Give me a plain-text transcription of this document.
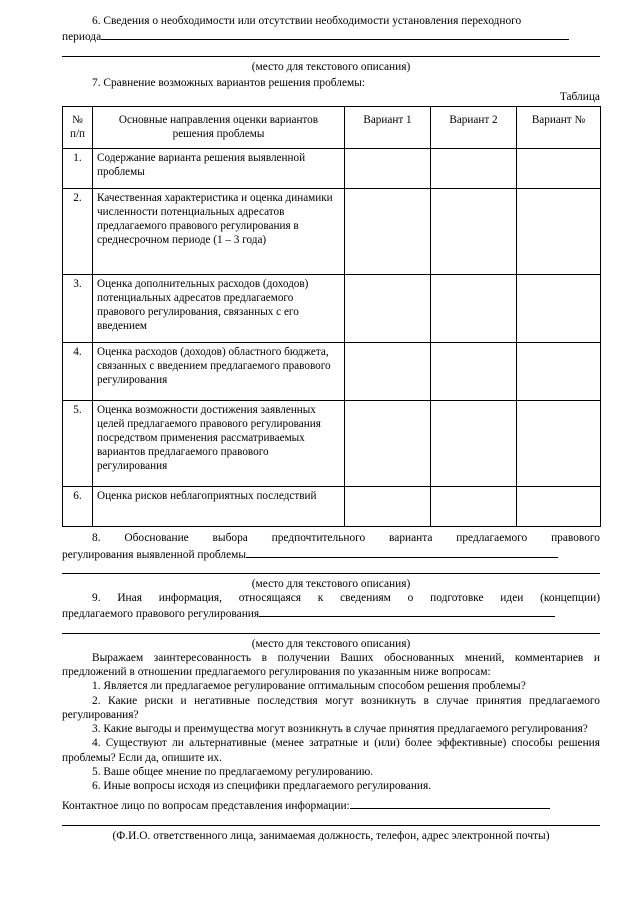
6. Сведения о необходимости или отсутствии необходимости установления переходного

периода

(место для текстового описания)

7. Сравнение возможных вариантов решения проблемы:

Таблица

№ п/п	Основные направления оценки вариантов решения проблемы	Вариант 1	Вариант 2	Вариант №
1.	Содержание варианта решения выявленной проблемы			
2.	Качественная характеристика и оценка динамики численности потенциальных адресатов предлагаемого правового регулирования в среднесрочном периоде (1 – 3 года)			
3.	Оценка дополнительных расходов (доходов) потенциальных адресатов предлагаемого правового регулирования, связанных с его введением			
4.	Оценка расходов (доходов) областного бюджета, связанных с введением предлагаемого правового регулирования			
5.	Оценка возможности достижения заявленных целей предлагаемого правового регулирования посредством применения рассматриваемых вариантов предлагаемого правового регулирования			
6.	Оценка рисков неблагоприятных последствий			

8. Обоснование выбора предпочтительного варианта предлагаемого правового

регулирования выявленной проблемы

(место для текстового описания)

9. Иная информация, относящаяся к сведениям о подготовке идеи (концепции)

предлагаемого правового регулирования

(место для текстового описания)

Выражаем заинтересованность в получении Ваших обоснованных мнений, комментариев и предложений в отношении предлагаемого регулирования по указанным ниже вопросам:

1. Является ли предлагаемое регулирование оптимальным способом решения проблемы?

2. Какие риски и негативные последствия могут возникнуть в случае принятия предлагаемого регулирования?

3. Какие выгоды и преимущества могут возникнуть в случае принятия предлагаемого регулирования?

4. Существуют ли альтернативные (менее затратные и (или) более эффективные) способы решения проблемы? Если да, опишите их.

5. Ваше общее мнение по предлагаемому регулированию.

6. Иные вопросы исходя из специфики предлагаемого регулирования.

Контактное лицо по вопросам представления информации:

(Ф.И.О. ответственного лица, занимаемая должность, телефон, адрес электронной почты)
